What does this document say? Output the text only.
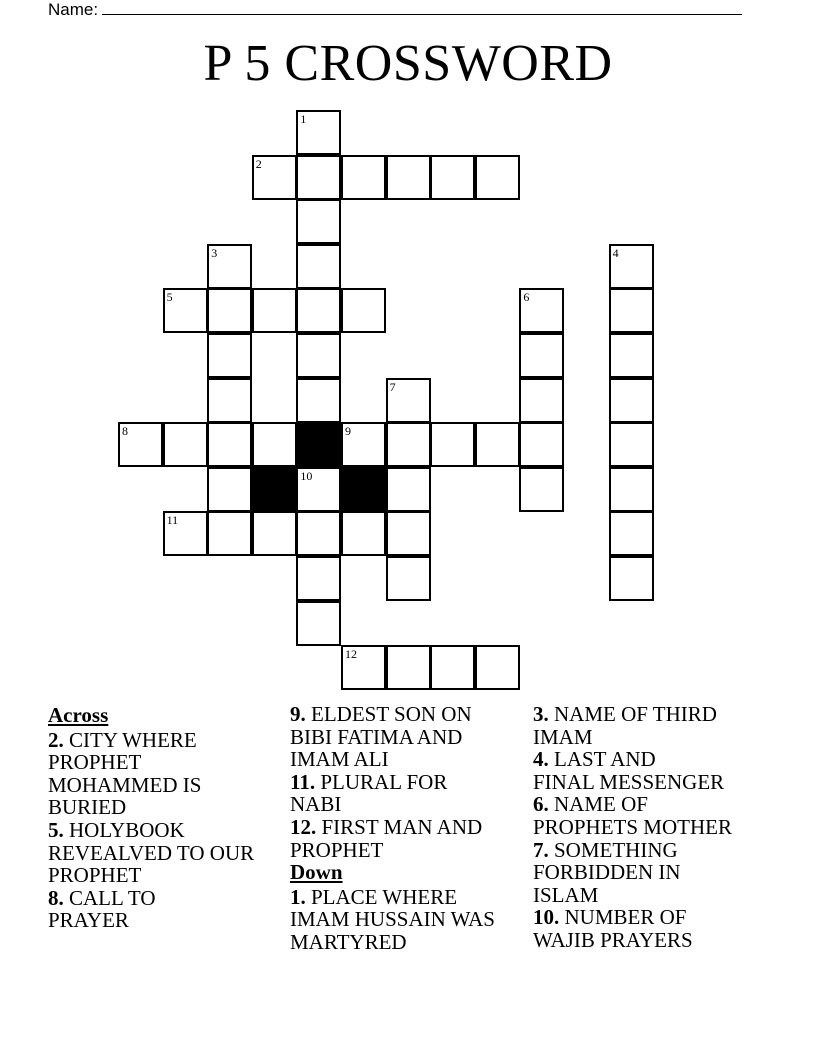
Name:
P 5 CROSSWORD
1
2
3	4
5	6
7
8	9
10
11
12
Across
2. CITY WHERE
PROPHET
MOHAMMED IS
BURIED
5. HOLYBOOK
REVEALVED TO OUR
PROPHET
8. CALL TO
PRAYER
9. ELDEST SON ON
BIBI FATIMA AND
IMAM ALI
11. PLURAL FOR
NABI
12. FIRST MAN AND
PROPHET
Down
1. PLACE WHERE
IMAM HUSSAIN WAS
MARTYRED
3. NAME OF THIRD
IMAM
4. LAST AND
FINAL MESSENGER
6. NAME OF
PROPHETS MOTHER
7. SOMETHING
FORBIDDEN IN
ISLAM
10. NUMBER OF
WAJIB PRAYERS
